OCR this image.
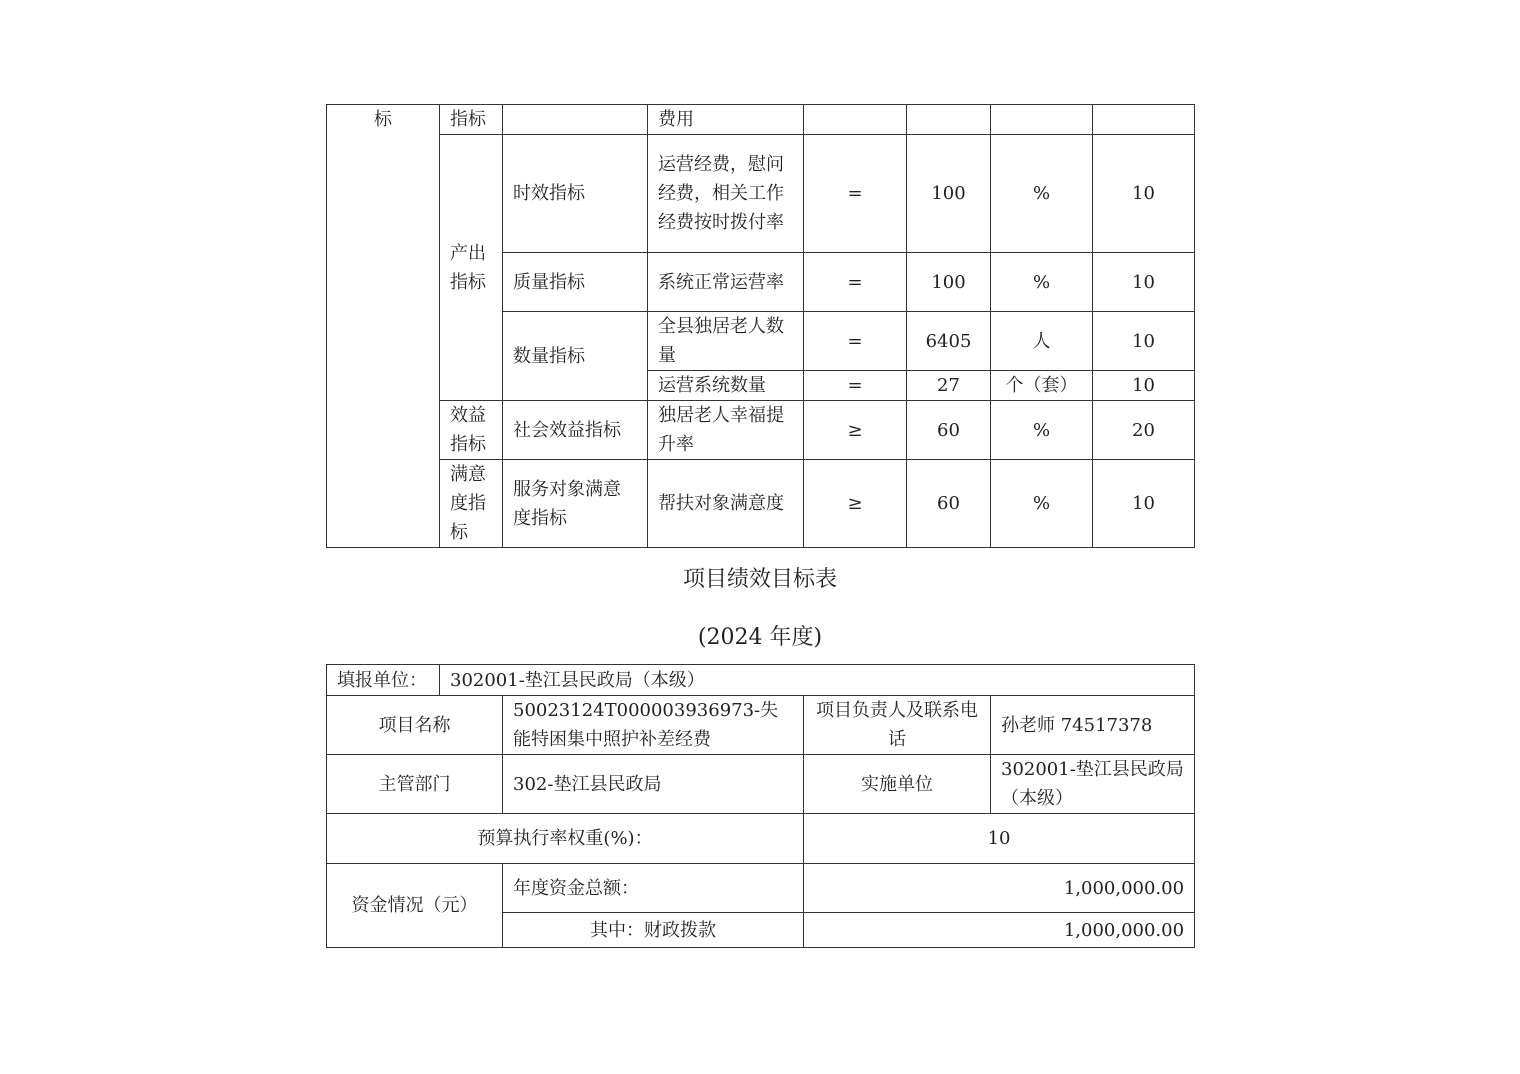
标	指标		费用				
	产出指标	时效指标	运营经费，慰问经费，相关工作经费按时拨付率	=	100	%	10
		质量指标	系统正常运营率	=	100	%	10
		数量指标	全县独居老人数量	=	6405	人	10
			运营系统数量	=	27	个（套）	10
	效益指标	社会效益指标	独居老人幸福提升率	≥	60	%	20
	满意度指标	服务对象满意度指标	帮扶对象满意度	≥	60	%	10
项目绩效目标表
(2024 年度)
填报单位：	302001-垫江县民政局（本级）			
项目名称		50023124T000003936973-失能特困集中照护补差经费	项目负责人及联系电话	孙老师 74517378
主管部门		302-垫江县民政局	实施单位	302001-垫江县民政局（本级）
预算执行率权重(%)：			10	
资金情况（元）		年度资金总额：	1,000,000.00	
		其中：财政拨款	1,000,000.00	
